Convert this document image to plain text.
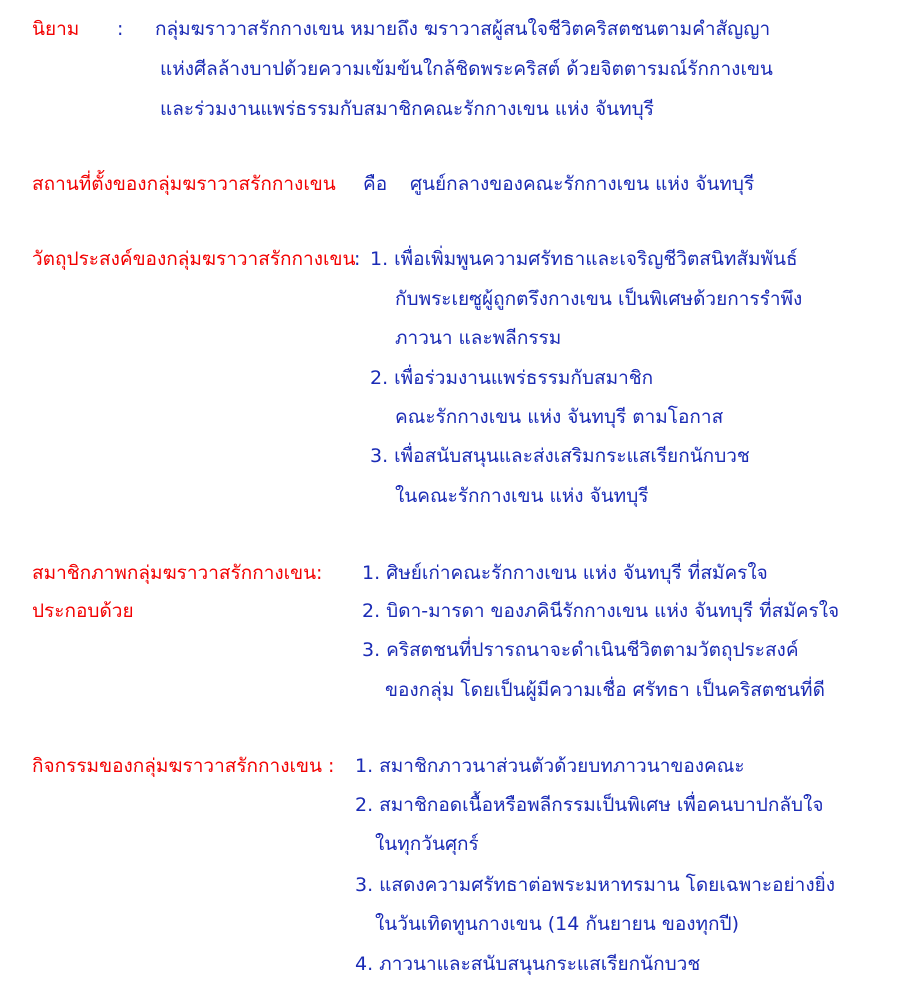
นิยาม : กลุ่มฆราวาสรักกางเขน หมายถึง ฆราวาสผู้สนใจชีวิตคริสตชนตามคำสัญญา

แห่งศีลล้างบาปด้วยความเข้มข้นใกล้ชิดพระคริสต์ ด้วยจิตตารมณ์รักกางเขน

และร่วมงานแพร่ธรรมกับสมาชิกคณะรักกางเขน แห่ง จันทบุรี

สถานที่ตั้งของกลุ่มฆราวาสรักกางเขน คือ ศูนย์กลางของคณะรักกางเขน แห่ง จันทบุรี

วัตถุประสงค์ของกลุ่มฆราวาสรักกางเขน

: 1. เพื่อเพิ่มพูนความศรัทธาและเจริญชีวิตสนิทสัมพันธ์

กับพระเยซูผู้ถูกตรึงกางเขน เป็นพิเศษด้วยการรำพึง

ภาวนา และพลีกรรม

2. เพื่อร่วมงานแพร่ธรรมกับสมาชิก

คณะรักกางเขน แห่ง จันทบุรี ตามโอกาส

3. เพื่อสนับสนุนและส่งเสริมกระแสเรียกนักบวช

ในคณะรักกางเขน แห่ง จันทบุรี

สมาชิกภาพกลุ่มฆราวาสรักกางเขน :

ประกอบด้วย

1. ศิษย์เก่าคณะรักกางเขน แห่ง จันทบุรี ที่สมัครใจ

2. บิดา-มารดา ของภคินีรักกางเขน แห่ง จันทบุรี ที่สมัครใจ

3. คริสตชนที่ปรารถนาจะดำเนินชีวิตตามวัตถุประสงค์

ของกลุ่ม โดยเป็นผู้มีความเชื่อ ศรัทธา เป็นคริสตชนที่ดี

กิจกรรมของกลุ่มฆราวาสรักกางเขน : 1. สมาชิกภาวนาส่วนตัวด้วยบทภาวนาของคณะ

2. สมาชิกอดเนื้อหรือพลีกรรมเป็นพิเศษ เพื่อคนบาปกลับใจ

ในทุกวันศุกร์

3. แสดงความศรัทธาต่อพระมหาทรมาน โดยเฉพาะอย่างยิ่ง

ในวันเทิดทูนกางเขน (14 กันยายน ของทุกปี)

4. ภาวนาและสนับสนุนกระแสเรียกนักบวช
